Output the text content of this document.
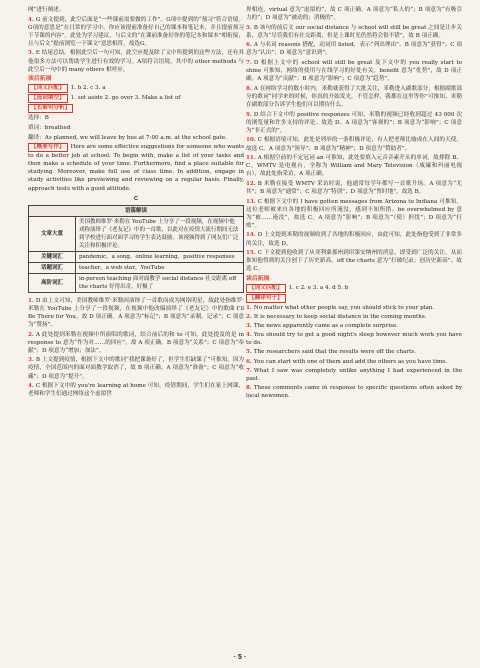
网”进行阐述。

4. G 前文提到，此空后面是“一些课前需要做的工作”。G项中提到的“预习”符合语境。G项的意思是“在日常的学习中，你应该提前准备好自己的课本和笔记本，并且提前预习下节课的内容”。此处为学习建议，与后文的“在课前准备好你的笔记本和课本”相衔接，且与后文“提前浏览一下课文”意思相符，故选G。

5. E 结尾总结。根据此空后一句可知，此空应提及除了文中所提到的这些方法，还有其他很多方法可以帮助学生进行有效的学习。A项符合语境，其中的 other methods 与此空后一句中的 many others 相呼应。

读后拓展
【词义匹配】 1. b 2. c 3. a
【选词填空】 1. set aside 2. go over 3. Make a list of
【长难句分析】
选择：B
填词：breathed
翻译：As planned, we will leave by bus at 7:00 a.m. at the school gate.

【概要写作】 Here are some effective suggestions for someone who wants to do a better job at school. To begin with, make a list of your tasks and then make a schedule of your time. Furthermore, find a place suitable for studying. Moreover, make full use of class time. In addition, engage in study activities like previewing and reviewing on a regular basis. Finally, approach tests with a good attitude.

C
语篇解读	
文章大意	美国教师维罗·米勒在 YouTube 上分享了一段视频，在视频中他戏称演绎了《老友记》中的一首歌，以此对在疫情大流行期间无法到学校进行面对面学习的学生表达鼓励。该视频得到了网友们广泛关注和积极评论。
关键词汇	pandemic，a song，online learning，positive responses
话题词汇	teacher，a web star，YouTube
高阶词汇	in-person teaching 面对面教学 social distance 社交距离 off the charts 好得出奇，好极了

1. D 由上文可知，美国教师维罗·米勒因演绎了一首歌而成为网络明星，故此处指维罗·米勒在 YouTube 上分享了一段视频，在视频中他改编演绎了《老友记》中的歌曲 I'll Be There for You。故 D 项正确。A 项意为“标记”；B 项意为“录制，记录”；C 项意为“赞扬”。

2. A 此处提到米勒在视频中所演唱的歌词，结合前后的和 to 可知，此处提及的是 in response to 意为“作为对……的回应”，故 A 项正确。B 项意为“关系”；C 项意为“奉献”；D 项意为“增加；加法”。

3. B 上文提到疫情，根据下文中的歌词“我把课备好了，但学生们缺课了”可推知，因为疫情，全国范围内的面对面教学取消了，故 B 项正确。A 项意为“准备”；C 项意为“收藏”；D 项意为“提升”。

4. C 根据下文中的 you're learning at home 可知，疫情期间，学生们在家上网课，老师和学生们通过网络这个虚拟世

界相连。virtual 意为“虚拟的”，故 C 项正确。A 项意为“私人的”；B 项意为“有吸引力的”；D 项意为“被动的；消极的”。

5. B 该句的前后文 our social distance 与 school will still be great 之间是让步关系，意为“尽管我们有社交距离，但是上课时光仍然将会很不错”，故 B 项正确。

6. A 与名词 reasons 搭配，动词用 listed，表示“列出理由”。B 项意为“获得”；C 项意为“认出”；D 项意为“意识到”。

7. D 根据上文中的 school will still be great 及下文中的 you really start to shine 可推知，网络的使用与在线学习的好处有关。benefit 意为“优势”，故 D 项正确。A 项意为“贡献”；B 项意为“影响”；C 项意为“趋势”。

8. A 在网络学习的数小时内，米勒就获得了大批关注，米勒进入副歌部分，根据副歌部分的歌词“同学来的时候，你真的开始发光。不管怎样，我都在这里等你”可推知，米勒在副歌部分告诉学生他们可以期待什么。

9. D 结合下文中的 positive responses 可知，米勒的视频已经收到超过 43 000 次的浏览量和许多支持的评论。故选 D。A 项意为“客观的”；B 项意为“影响”；C 项意为“非正式的”。

10. C 根据语境可知，此处是列举的一条积极评论，有人把老师比喻成在人间的天使。故选 C。A 项意为“领导”；B 项意为“精神”；D 项意为“赞助者”。

11. A 根据空前的不定冠词 an 可推知，此处要填入元音音素开头的单词，故排除 B、C。WMTV 是电视台，全称为 William and Mary Television（威廉和玛丽电视台），故此处指采访，A 项正确。

12. B 米勒在接受 WMTV 采访时说，他通常每学年都写一首歌升场。A 项意为“尤其”；B 项意为“通常”；C 项意为“特别”；D 项意为“暂时地”。故选 B。

13. C 根据下文中的 I have gotten messages from Arizona to Indiana 可推知，这位老师被来自各地的积极回应所淹没，感到不知所措。be overwhelmed by 意为“被……淹没”，故选 C。A 项意为“影响”；B 项意为“（使）担忧”；D 项意为“打败”。

14. D 上文提到米勒的视频收到了各地的积极回应，由此可知，此处指他受到了非常多的关注，故选 D。

15. C 下文提到他收到了从亚利桑那州到印第安纳州的消息，即受到广泛的关注，从而推知他得到的关注创下了历史新高。off the charts 意为“打破纪录；创历史新高”。故选 C。

读后拓展
【词义匹配】 1. c 2. e 3. a 4. d 5. b
【翻译句子】

1. No matter what other people say, you should stick to your plan.

2. It is necessary to keep social distance in the coming months.

3. The news apparently came as a complete surprise.

4. You should try to get a good night's sleep however much work you have to do.

5. The researchers said that the results were off the charts.

6. You can start with one of them and add the others as you have time.

7. What I saw was completely unlike anything I had experienced in the past.

8. These comments came in response to specific questions often asked by local newsmen.

· 5 ·
